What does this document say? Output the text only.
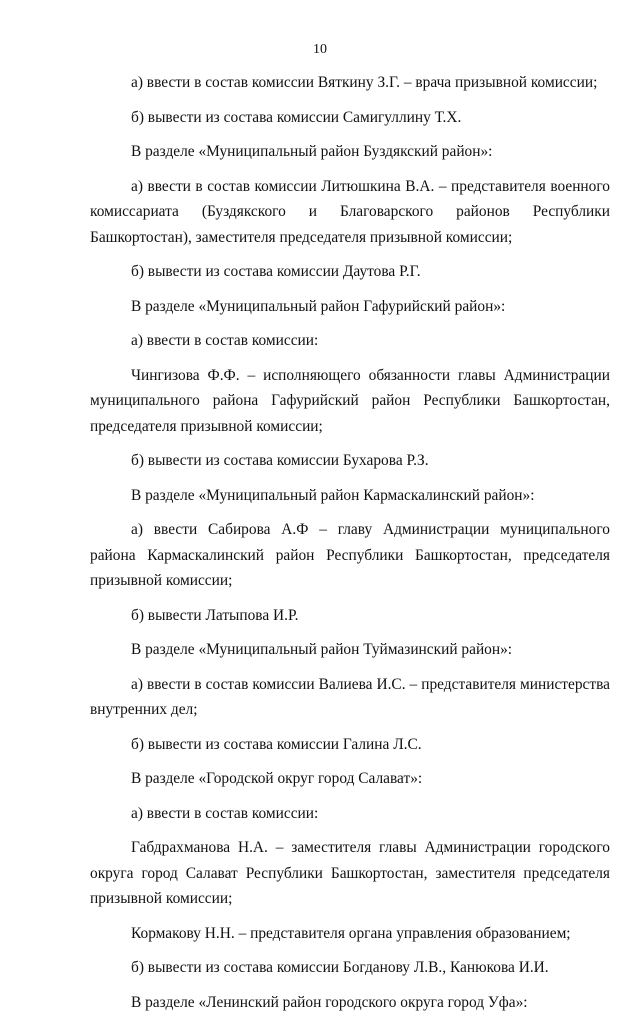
10

а) ввести в состав комиссии Вяткину З.Г. – врача призывной комиссии;

б) вывести из состава комиссии Самигуллину Т.Х.

В разделе «Муниципальный район Буздякский район»:

а) ввести в состав комиссии Литюшкина В.А. – представителя военного комиссариата (Буздякского и Благоварского районов Республики Башкортостан), заместителя председателя призывной комиссии;

б) вывести из состава комиссии Даутова Р.Г.

В разделе «Муниципальный район Гафурийский район»:

а) ввести в состав комиссии:

Чингизова Ф.Ф. – исполняющего обязанности главы Администрации муниципального района Гафурийский район Республики Башкортостан, председателя призывной комиссии;

б) вывести из состава комиссии Бухарова Р.З.

В разделе «Муниципальный район Кармаскалинский район»:

а) ввести Сабирова А.Ф – главу Администрации муниципального района Кармаскалинский район Республики Башкортостан, председателя призывной комиссии;

б) вывести Латыпова И.Р.

В разделе «Муниципальный район Туймазинский район»:

а) ввести в состав комиссии Валиева И.С. – представителя министерства внутренних дел;

б) вывести из состава комиссии Галина Л.С.

В разделе «Городской округ город Салават»:

а) ввести в состав комиссии:

Габдрахманова Н.А. – заместителя главы Администрации городского округа город Салават Республики Башкортостан, заместителя председателя призывной комиссии;

Кормакову Н.Н. – представителя органа управления образованием;

б) вывести из состава комиссии Богданову Л.В., Канюкова И.И.

В разделе «Ленинский район городского округа город Уфа»:
